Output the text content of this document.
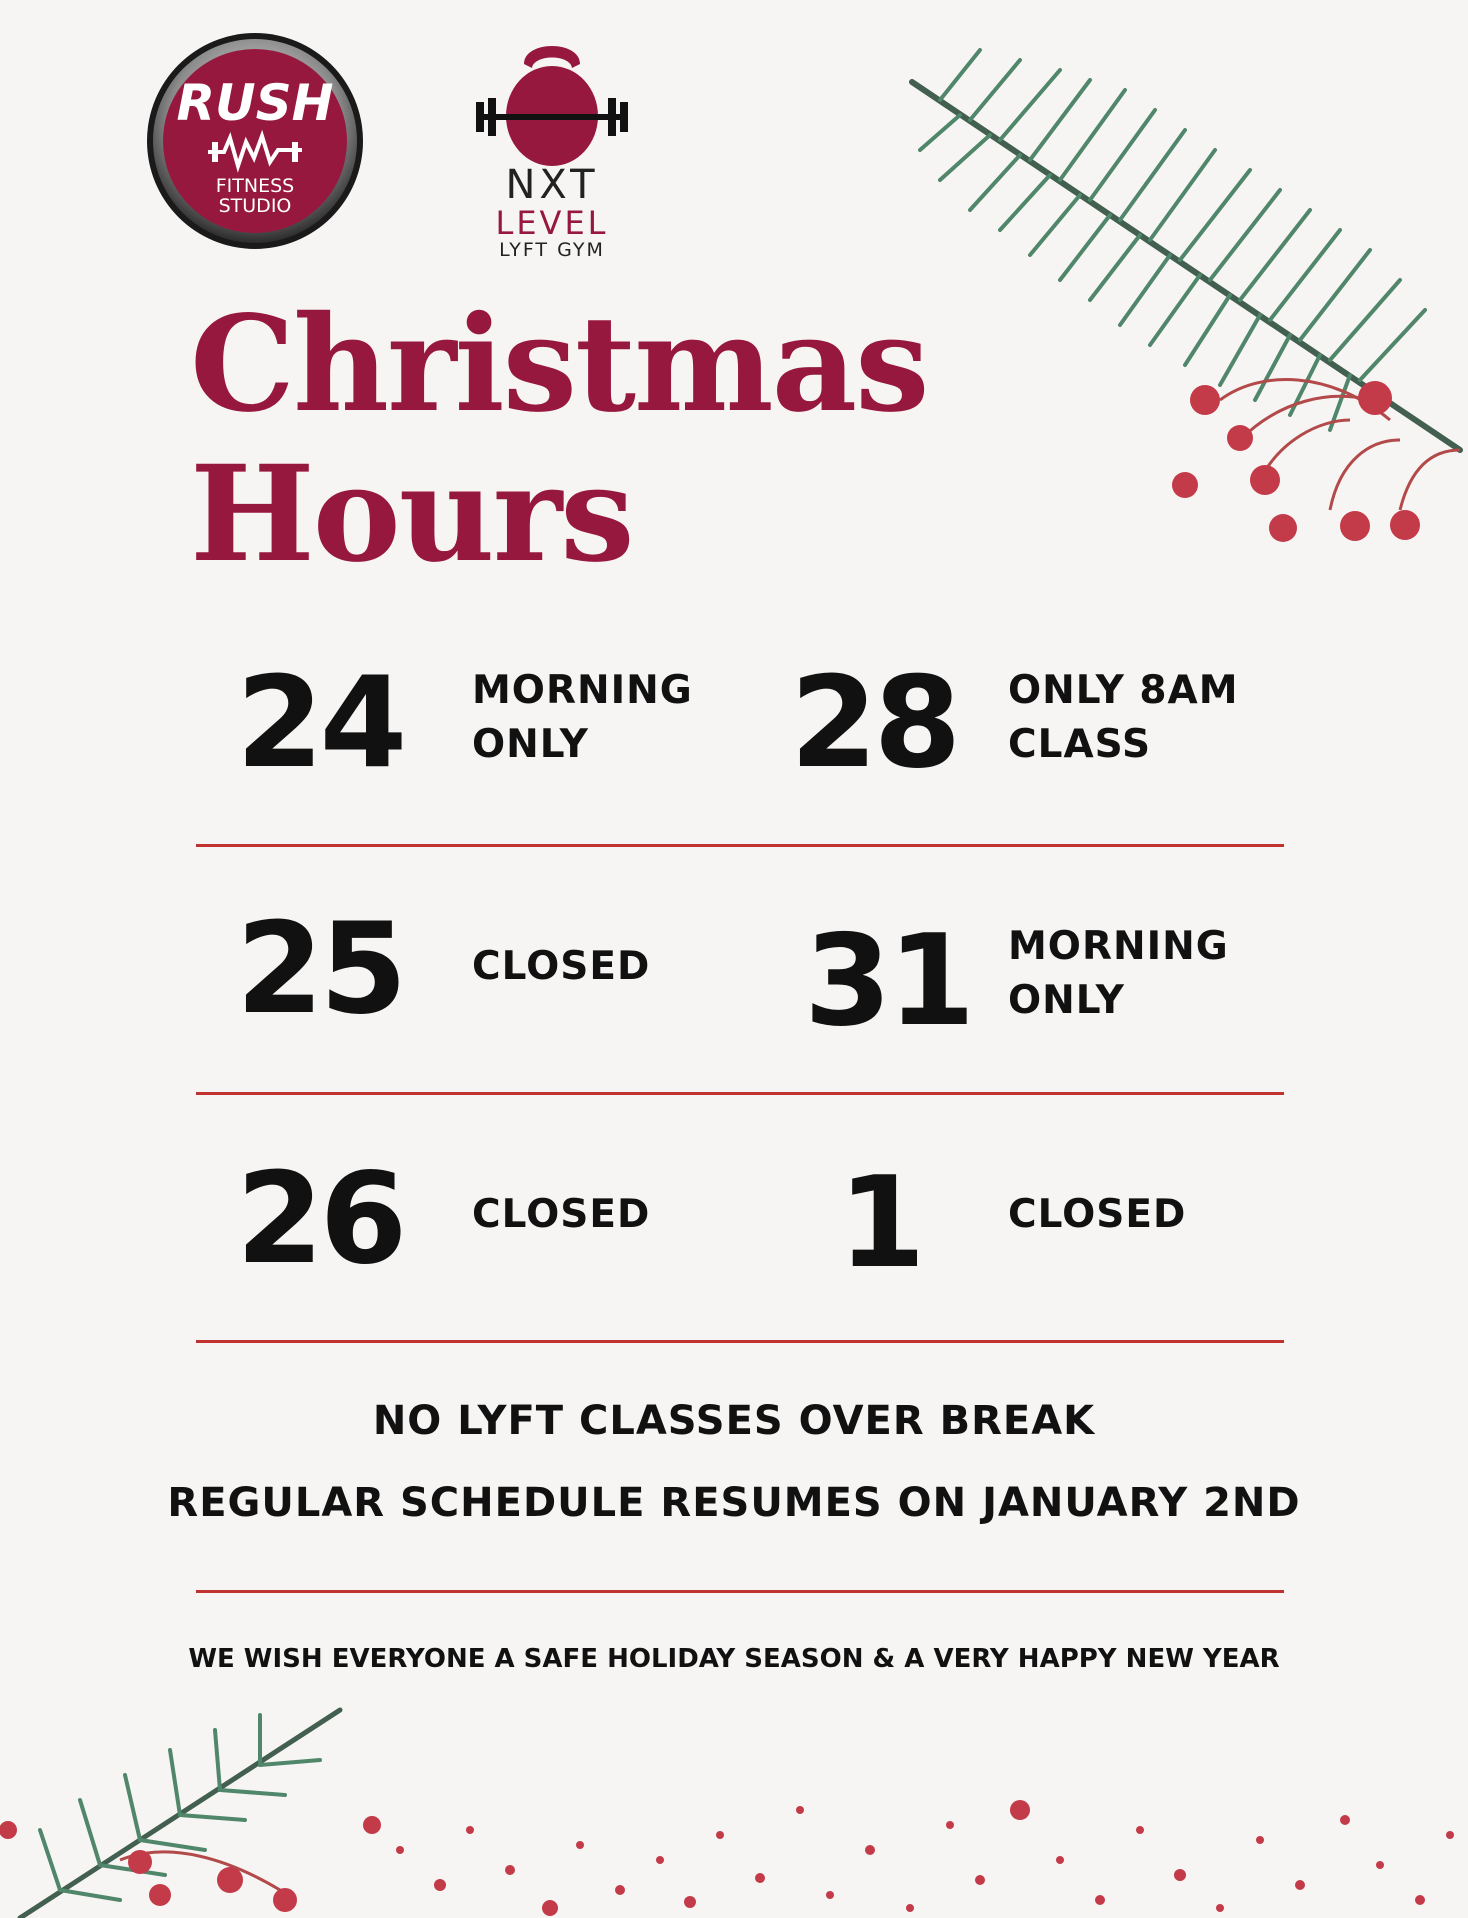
RUSH
FITNESS
STUDIO	NXT
LEVEL
LYFT GYM
Christmas
Hours
24 MORNING
ONLY	28 ONLY 8AM
CLASS
25 CLOSED 31 MORNING
ONLY
26 CLOSED 1 CLOSED
NO LYFT CLASSES OVER BREAK
REGULAR SCHEDULE RESUMES ON JANUARY 2ND
WE WISH EVERYONE A SAFE HOLIDAY SEASON & A VERY HAPPY NEW YEAR
